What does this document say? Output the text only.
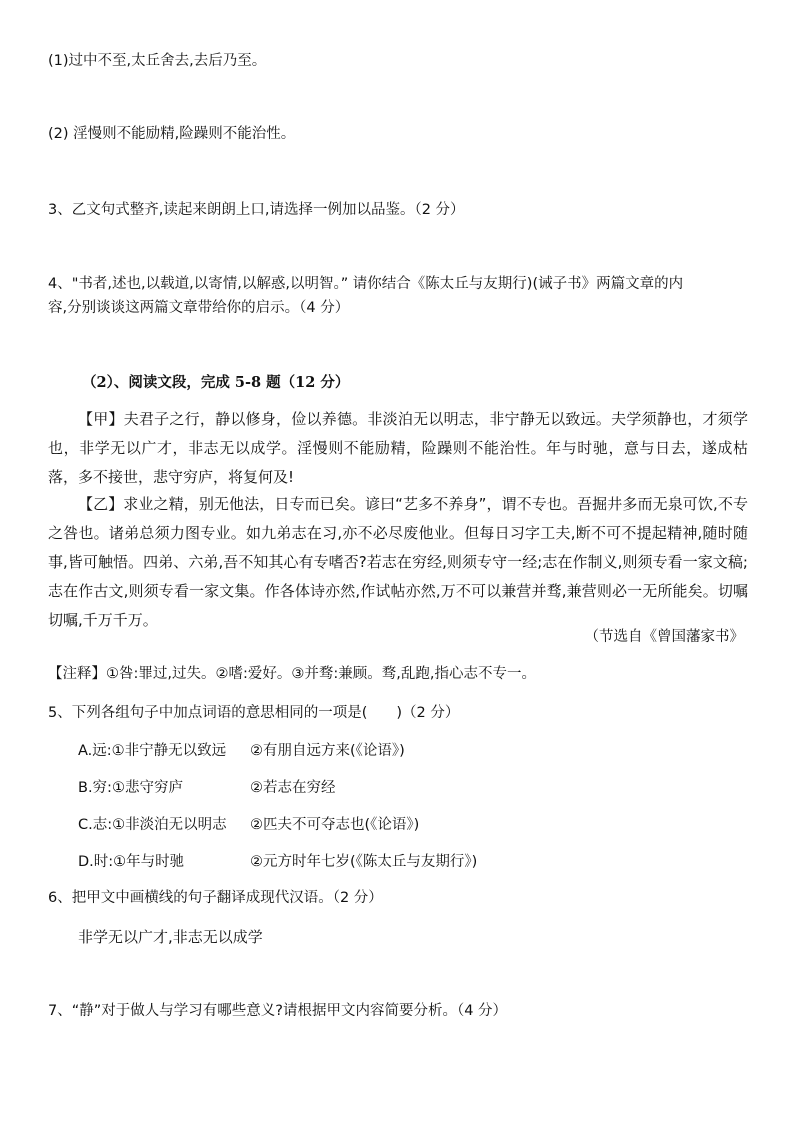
(1)过中不至,太丘舍去,去后乃至。
(2) 淫慢则不能励精,险躁则不能治性。
3、乙文句式整齐,读起来朗朗上口,请选择一例加以品鉴。（2 分）
4、"书者,述也,以载道,以寄情,以解惑,以明智。” 请你结合《陈太丘与友期行)(诫子书》两篇文章的内
容,分别谈谈这两篇文章带给你的启示。（4 分）
（2）、阅读文段，完成 5-8 题（12 分）
【甲】夫君子之行，静以修身，俭以养德。非淡泊无以明志，非宁静无以致远。夫学须静也，才须学也，非学无以广才，非志无以成学。淫慢则不能励精，险躁则不能治性。年与时驰，意与日去，遂成枯落，多不接世，悲守穷庐，将复何及!
【乙】求业之精，别无他法，日专而已矣。谚曰“艺多不养身”，谓不专也。吾掘井多而无泉可饮,不专之咎也。诸弟总须力图专业。如九弟志在习,亦不必尽废他业。但每日习字工夫,断不可不提起精神,随时随事,皆可触悟。四弟、六弟,吾不知其心有专嗜否?若志在穷经,则须专守一经;志在作制义,则须专看一家文稿;志在作古文,则须专看一家文集。作各体诗亦然,作试帖亦然,万不可以兼营并骛,兼营则必一无所能矣。切嘱切嘱,千万千万。
（节选自《曾国藩家书》
【注释】①咎:罪过,过失。②嗜:爱好。③并骛:兼顾。骛,乱跑,指心志不专一。
5、下列各组句子中加点词语的意思相同的一项是(　　)（2 分）
A.远:①非宁静无以致远 ②有朋自远方来(《论语》)
B.穷:①悲守穷庐	②若志在穷经
C.志:①非淡泊无以明志 ②匹夫不可夺志也(《论语》)
D.时:①年与时驰	②元方时年七岁(《陈太丘与友期行》)
6、把甲文中画横线的句子翻译成现代汉语。（2 分）
非学无以广才,非志无以成学
7、“静”对于做人与学习有哪些意义?请根据甲文内容简要分析。（4 分）
